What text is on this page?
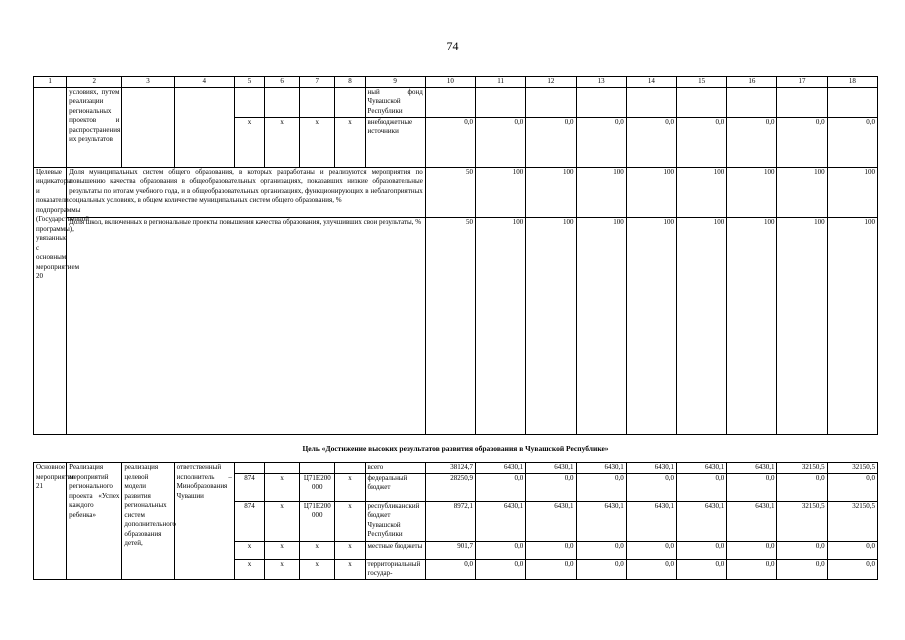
74
1	2	3	4	5	6	7	8	9	10	11	12	13	14	15	16	17	18
	условиях, путем реализации региональных проектов и распространения их результатов							ный фонд Чувашской Республики									
				x	x	x	x	внебюджетные источники	0,0	0,0	0,0	0,0	0,0	0,0	0,0	0,0	0,0
Целевые индикаторы и показатели подпрограммы (Государственной программы), увязанные с основным мероприятием 20	Доля муниципальных систем общего образования, в которых разработаны и реализуются мероприятия по повышению качества образования в общеобразовательных организациях, показавших низкие образовательные результаты по итогам учебного года, и в общеобразовательных организациях, функционирующих в неблагоприятных социальных условиях, в общем количестве муниципальных систем общего образования, %								50	100	100	100	100	100	100	100	100
	Доля школ, включенных в региональные проекты повышения качества образования, улучшивших свои результаты, %								50	100	100	100	100	100	100	100	100
Цель «Достижение высоких результатов развития образования в Чувашской Республике»
Основное мероприятие 21	Реализация мероприятий регионального проекта «Успех каждого ребенка»	реализация целевой модели развития региональных систем дополнительного образования детей,	ответственный исполнитель – Минобразования Чувашии					всего	38124,7	6430,1	6430,1	6430,1	6430,1	6430,1	6430,1	32150,5	32150,5
				874	x	Ц71Е200 000	x	федеральный бюджет	28250,9	0,0	0,0	0,0	0,0	0,0	0,0	0,0	0,0
				874	x	Ц71Е200 000	x	республиканский бюджет Чувашской Республики	8972,1	6430,1	6430,1	6430,1	6430,1	6430,1	6430,1	32150,5	32150,5
				x	x	x	x	местные бюджеты	901,7	0,0	0,0	0,0	0,0	0,0	0,0	0,0	0,0
				x	x	x	x	территориальный государ-	0,0	0,0	0,0	0,0	0,0	0,0	0,0	0,0	0,0
